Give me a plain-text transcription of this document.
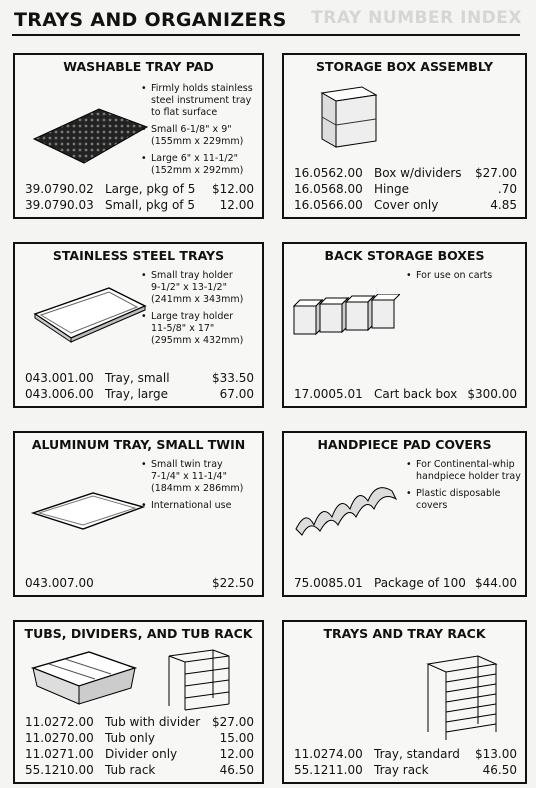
TRAY NUMBER INDEX
TRAYS AND ORGANIZERS
WASHABLE TRAY PAD
• Firmly holds stainless
steel instrument tray
to flat surface
• Small 6-1/8" x 9"
(155mm x 229mm)
• Large 6" x 11-1/2"
(152mm x 292mm)
39.0790.02 Large, pkg of 5	$12.00
39.0790.03 Small, pkg of 5	12.00
STORAGE BOX ASSEMBLY
16.0562.00 Box w/dividers	$27.00
16.0568.00 Hinge	.70
16.0566.00 Cover only	4.85
STAINLESS STEEL TRAYS
• Small tray holder
9-1/2" x 13-1/2"
(241mm x 343mm)
• Large tray holder
11-5/8" x 17"
(295mm x 432mm)
043.001.00 Tray, small	$33.50
043.006.00 Tray, large	67.00
BACK STORAGE BOXES
• For use on carts
17.0005.01 Cart back box $300.00
ALUMINUM TRAY, SMALL TWIN
• Small twin tray
7-1/4" x 11-1/4"
(184mm x 286mm)
• International use
043.007.00	$22.50
HANDPIECE PAD COVERS
• For Continental-whip
handpiece holder tray
• Plastic disposable
covers
75.0085.01 Package of 100 $44.00
TUBS, DIVIDERS, AND TUB RACK
11.0272.00 Tub with divider $27.00
11.0270.00 Tub only	15.00
11.0271.00 Divider only	12.00
55.1210.00 Tub rack	46.50
TRAYS AND TRAY RACK
11.0274.00 Tray, standard	$13.00
55.1211.00 Tray rack	46.50
